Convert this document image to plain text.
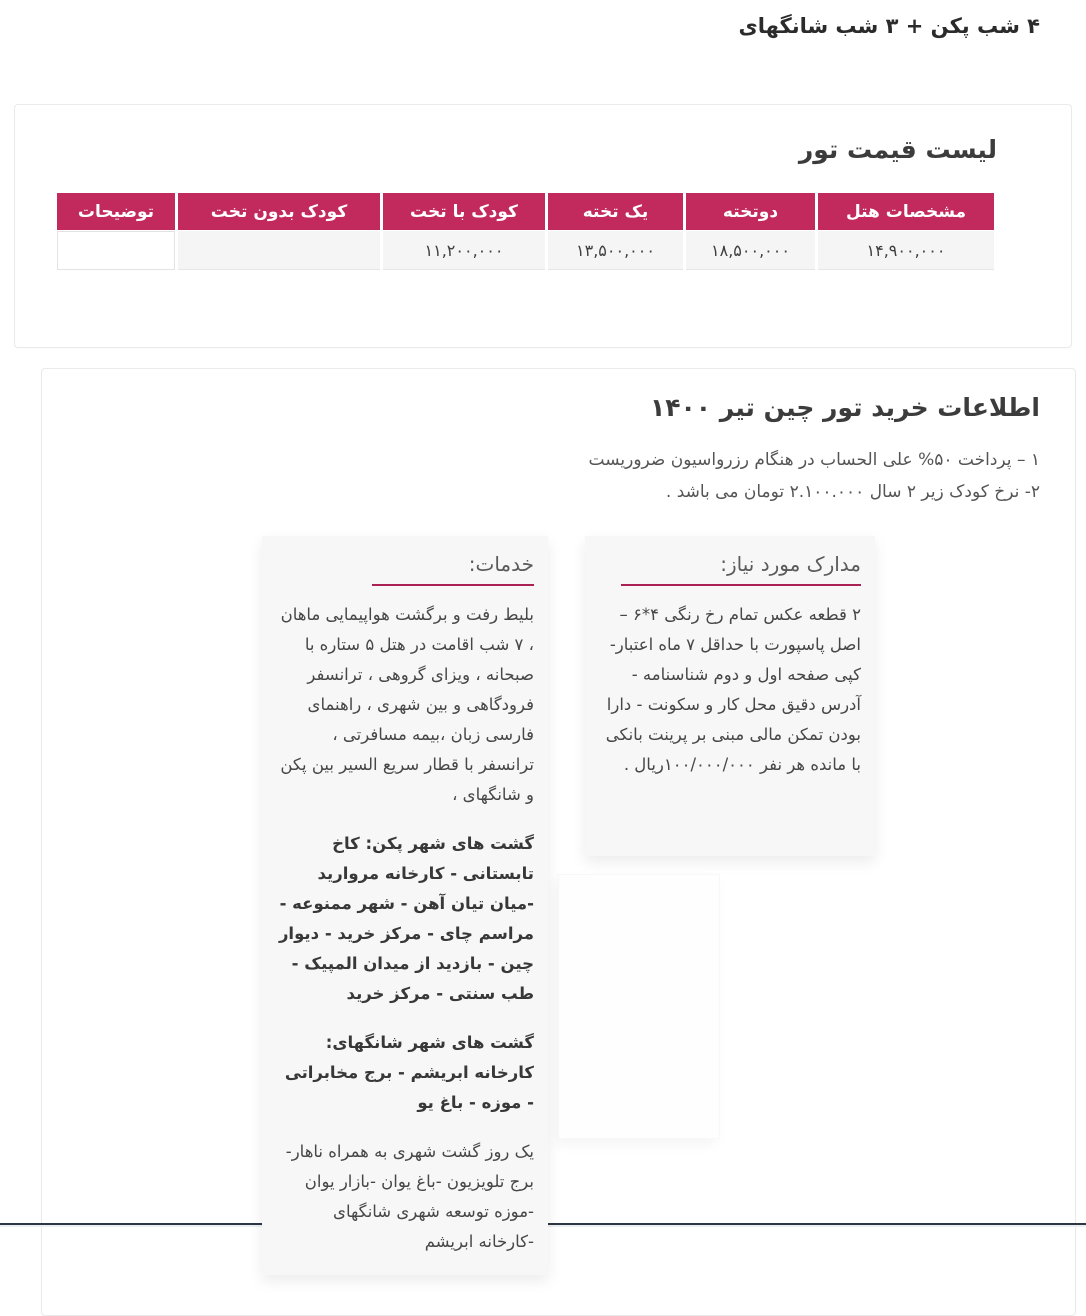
۴ شب پکن + ۳ شب شانگهای
لیست قیمت تور
مشخصات هتل	دوتخته	یک تخته	کودک با تخت	کودک بدون تخت	توضیحات
۱۴,۹۰۰,۰۰۰	۱۸,۵۰۰,۰۰۰	۱۳,۵۰۰,۰۰۰	۱۱,۲۰۰,۰۰۰		
اطلاعات خرید تور چین تیر ۱۴۰۰

۱ – پرداخت ۵۰% علی الحساب در هنگام رزرواسیون ضروریست

۲- نرخ کودک زیر ۲ سال ۲.۱۰۰.۰۰۰ تومان می باشد .

مدارک مورد نیاز:

۲ قطعه عکس تمام رخ رنگی ۴*۶ – اصل پاسپورت با حداقل ۷ ماه اعتبار-کپی صفحه اول و دوم شناسنامه - آدرس دقیق محل کار و سکونت - دارا بودن تمکن مالی مبنی بر پرینت بانکی با مانده هر نفر ۱۰۰/۰۰۰/۰۰۰ریال .

خدمات:

بلیط رفت و برگشت هواپیمایی ماهان ، ۷ شب اقامت در هتل ۵ ستاره با صبحانه ، ویزای گروهی ، ترانسفر فرودگاهی و بین شهری ، راهنمای فارسی زبان ،بیمه مسافرتی ، ترانسفر با قطار سریع السیر بین پکن و شانگهای ،

گشت های شهر پکن: کاخ تابستانی - کارخانه مروارید -میان تیان آهن - شهر ممنوعه - مراسم چای - مرکز خرید - دیوار چین - بازدید از میدان المپیک - طب سنتی - مرکز خرید

گشت های شهر شانگهای: کارخانه ابریشم - برج مخابراتی - موزه - باغ یو

یک روز گشت شهری به همراه ناهار-برج تلویزیون -باغ یوان -بازار یوان -موزه توسعه شهری شانگهای -کارخانه ابریشم
